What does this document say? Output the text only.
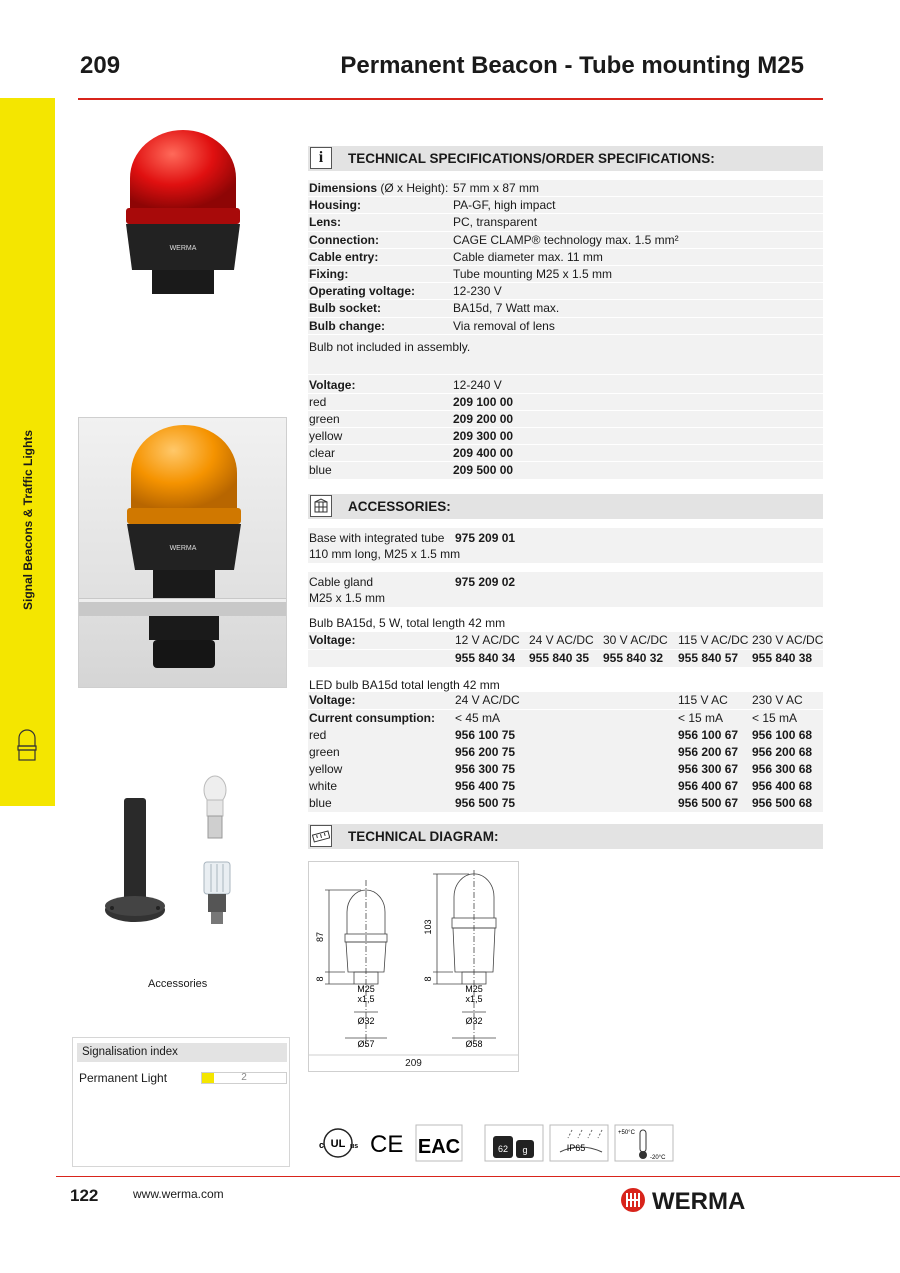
209	Permanent Beacon - Tube mounting M25
Signal Beacons & Traffic Lights
WERMA
WERMA
Accessories
Signalisation index
Permanent Light	2
i TECHNICAL SPECIFICATIONS/ORDER SPECIFICATIONS:
Dimensions (Ø x Height): 57 mm x 87 mm
Housing:	PA-GF, high impact
Lens:	PC, transparent
Connection:	CAGE CLAMP® technology max. 1.5 mm²
Cable entry:	Cable diameter max. 11 mm
Fixing:	Tube mounting M25 x 1.5 mm
Operating voltage:	12-230 V
Bulb socket:	BA15d, 7 Watt max.
Bulb change:	Via removal of lens
Bulb not included in assembly.
Voltage:	12-240 V
red	209 100 00
green	209 200 00
yellow	209 300 00
clear	209 400 00
blue	209 500 00
ACCESSORIES:
Base with integrated tube
110 mm long, M25 x 1.5 mm
975 209 01
Cable gland
M25 x 1.5 mm
975 209 02
Bulb BA15d, 5 W, total length 42 mm
Voltage:	12 V AC/DC 24 V AC/DC 30 V AC/DC 115 V AC/DC 230 V AC/DC
955 840 34 955 840 35 955 840 32 955 840 57 955 840 38
LED bulb BA15d total length 42 mm
Voltage:	24 V AC/DC	115 V AC 230 V AC
Current consumption: < 45 mA	< 15 mA < 15 mA
red	956 100 75	956 100 67 956 100 68
green	956 200 75	956 200 67 956 200 68
yellow	956 300 75	956 300 67 956 300 68
white	956 400 75	956 400 67 956 400 68
blue	956 500 75	956 500 67 956 500 68
TECHNICAL DIAGRAM:
87
8
M25
x1,5
Ø32
Ø57
103
8
M25
x1,5
Ø32
Ø58
209
c UL us CE EAC	62 g	IP65
+50°C
-20°C
122	www.werma.com	WERMA
